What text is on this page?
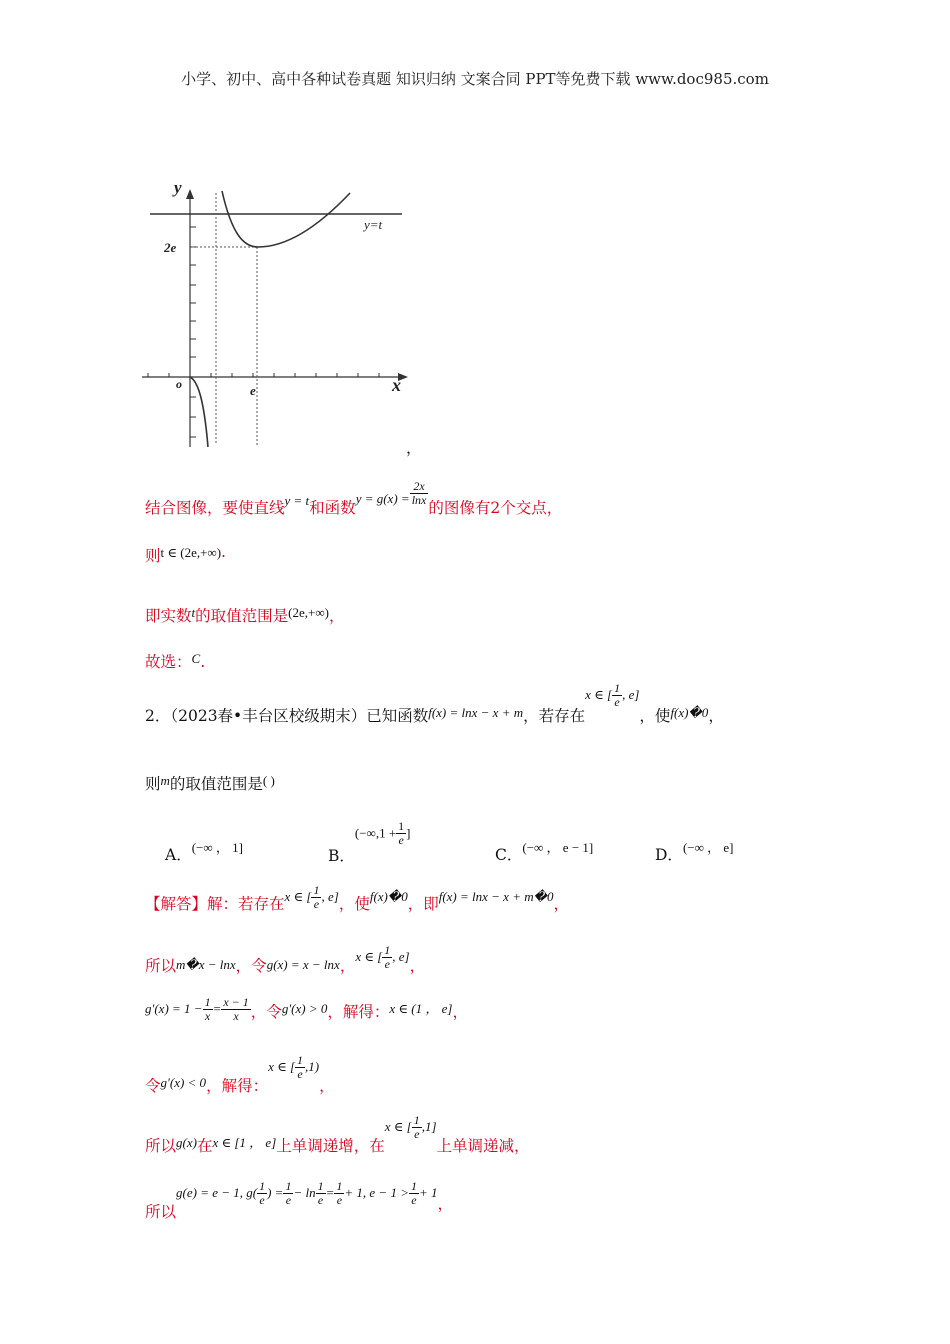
小学、初中、高中各种试卷真题 知识归纳 文案合同 PPT等免费下载 www.doc985.com
y
x
o	e
2e
y=t
，
结合图像，要使直线$_{y = t}$和函数$_{y = g(x) =} \frac{2x}{\ln x}$
的图像有2个交点，
则t ∈ (2e,+∞).
即实数t的取值范围是(2e,+∞)，
故选：C.
2．（2023春•丰台区校级期末）已知函数$_{f(x) = lnx - x + m}$，若存在x ∈ [ $\frac{1}{e}$ , e]，使$_{f(x)�0}$，
则m的取值范围是( )
A．(−∞ ， 1]	B．($-\infty,1 + \frac{1}{e}$ ]
C．(−∞ ， e − 1]	D．(−∞ ， e]
【解答】解：若存在x ∈ [ $\frac{1}{e}$ , e]，使f(x)�0，即f(x) = lnx − x + m�0，
所以$_{m�x - lnx}$，令$_{g(x) = x - lnx}$，x ∈ [ $\frac{1}{e}$ , e]，
$g'(x) = 1 - \frac{1}{x} = \frac{x - 1}{x}$ ，令g′(x) > 0，解得：x ∈ (1 ， e]，
令$_{g'(x) < 0}$，解得：$^{x \in [} \frac{1}{e} ^{,1)}$，
所以$_{g(x)}$在$_{x \in [1 , e]}$上单调递增，在$^{x \in [} \frac{1}{e} ^{,1]}$上单调递减，
所以g(e) = e − 1, $g( \frac{1}{e}$ ) = $\frac{1}{e} - \ln \frac{1}{e} = \frac{1}{e} + 1$, $e - 1 > \frac{1}{e} + 1$，
